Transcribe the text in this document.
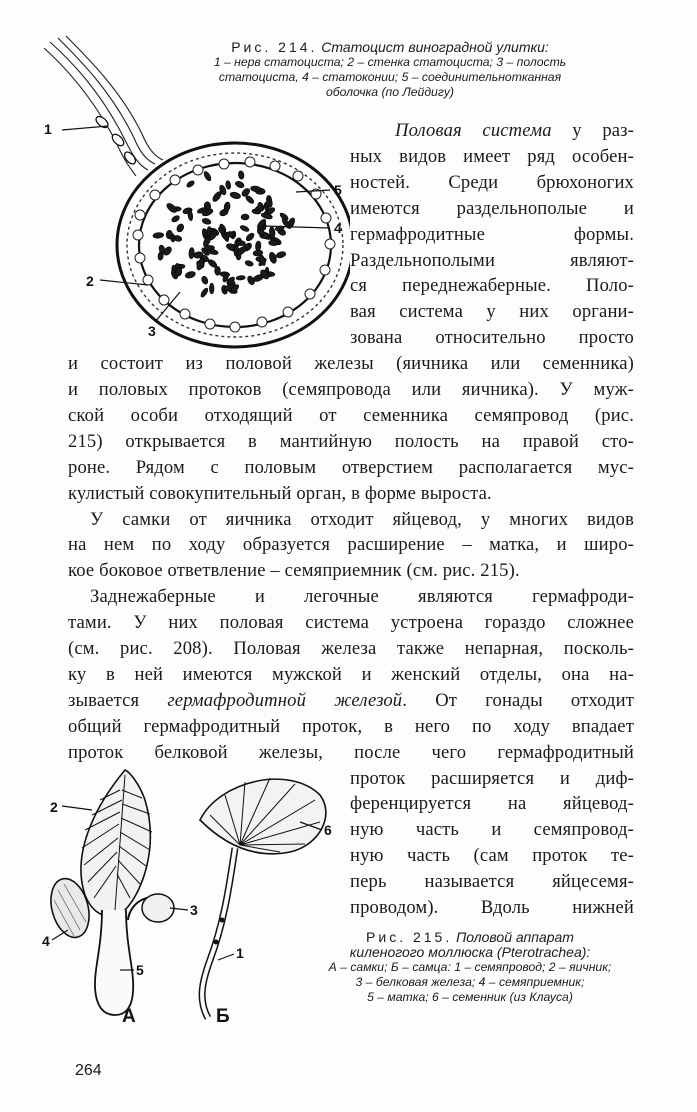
Рис. 214. Статоцист виноградной улитки:
1 – нерв статоциста; 2 – стенка статоциста; 3 – полость
статоциста, 4 – статоконии; 5 – соединительнотканная
оболочка (по Лейдигу)
1
2
3
4
5
Половая система у раз-
ных видов имеет ряд особен-
ностей. Среди брюхоногих
имеются раздельнополые и
гермафродитные формы.
Раздельнополыми являют-
ся переднежаберные. Поло-
вая система у них органи-
зована относительно просто
и состоит из половой железы (яичника или семенника)
и половых протоков (семяпровода или яичника). У муж-
ской особи отходящий от семенника семяпровод (рис.
215) открывается в мантийную полость на правой сто-
роне. Рядом с половым отверстием располагается мус-
кулистый совокупительный орган, в форме выроста.
У самки от яичника отходит яйцевод, у многих видов
на нем по ходу образуется расширение – матка, и широ-
кое боковое ответвление – семяприемник (см. рис. 215).
Заднежаберные и легочные являются гермафроди-
тами. У них половая система устроена гораздо сложнее
(см. рис. 208). Половая железа также непарная, посколь-
ку в ней имеются мужской и женский отделы, она на-
зывается гермафродитной железой. От гонады отходит
общий гермафродитный проток, в него по ходу впадает
проток белковой железы, после чего гермафродитный
проток расширяется и диф-
ференцируется на яйцевод-
ную часть и семяпровод-
ную часть (сам проток те-
перь называется яйцесемя-
проводом). Вдоль нижней
2
4
3
5
6
1
А	Б
Рис. 215. Половой аппарат
киленогого моллюска (Pterotrachea):
А – самки; Б – самца: 1 – семяпровод; 2 – яичник;
3 – белковая железа; 4 – семяприемник;
5 – матка; 6 – семенник (из Клауса)
264
